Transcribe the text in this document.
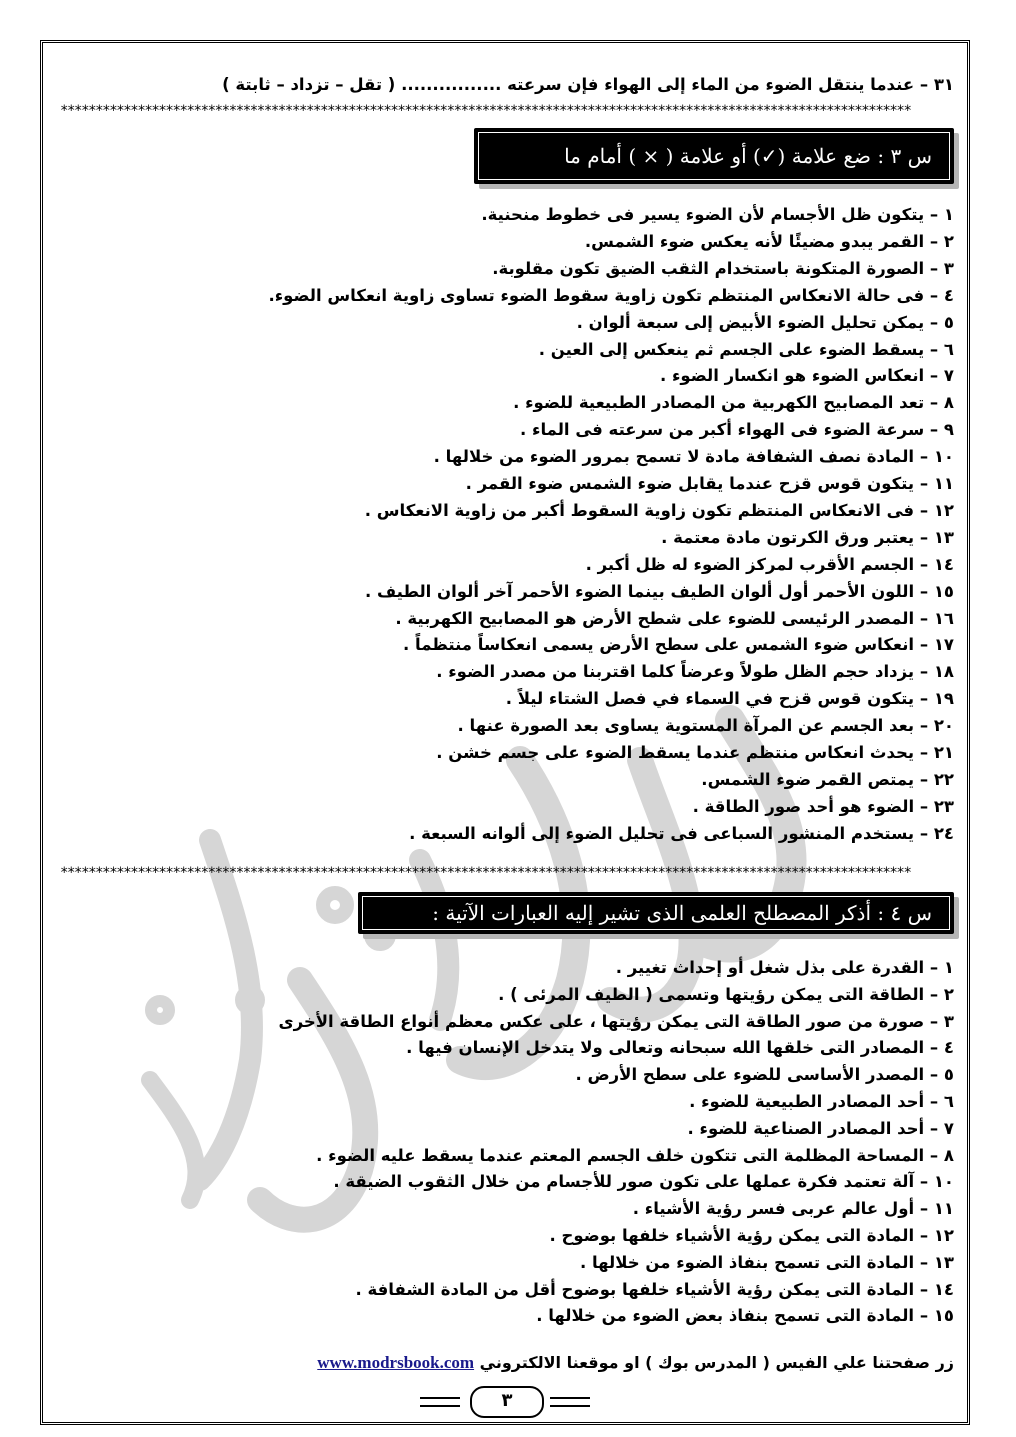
٣١ – عندما ينتقل الضوء من الماء إلى الهواء فإن سرعته ................ ( تقل – تزداد – ثابتة )
*************************************************************************************************************************
س ٣ : ضع علامة (✓) أو علامة ( × ) أمام ما
١ – يتكون ظل الأجسام لأن الضوء يسير فى خطوط منحنية.
٢ – القمر يبدو مضيئًا لأنه يعكس ضوء الشمس.
٣ – الصورة المتكونة باستخدام الثقب الضيق تكون مقلوبة.
٤ – فى حالة الانعكاس المنتظم تكون زاوية سقوط الضوء تساوى زاوية انعكاس الضوء.
٥ – يمكن تحليل الضوء الأبيض إلى سبعة ألوان .
٦ – يسقط الضوء على الجسم ثم ينعكس إلى العين .
٧ – انعكاس الضوء هو انكسار الضوء .
٨ – تعد المصابيح الكهربية من المصادر الطبيعية للضوء .
٩ – سرعة الضوء فى الهواء أكبر من سرعته فى الماء .
١٠ – المادة نصف الشفافة مادة لا تسمح بمرور الضوء من خلالها .
١١ – يتكون قوس قزح عندما يقابل ضوء الشمس ضوء القمر .
١٢ – فى الانعكاس المنتظم تكون زاوية السقوط أكبر من زاوية الانعكاس .
١٣ – يعتبر ورق الكرتون مادة معتمة .
١٤ – الجسم الأقرب لمركز الضوء له ظل أكبر .
١٥ – اللون الأحمر أول ألوان الطيف بينما الضوء الأحمر آخر ألوان الطيف .
١٦ – المصدر الرئيسى للضوء على شطح الأرض هو المصابيح الكهربية .
١٧ – انعكاس ضوء الشمس على سطح الأرض يسمى انعكاساً منتظماً .
١٨ – يزداد حجم الظل طولاً وعرضاً كلما اقتربنا من مصدر الضوء .
١٩ – يتكون قوس قزح في السماء في فصل الشتاء ليلاً .
٢٠ – بعد الجسم عن المرآة المستوية يساوى بعد الصورة عنها .
٢١ – يحدث انعكاس منتظم عندما يسقط الضوء على جسم خشن .
٢٢ – يمتص القمر ضوء الشمس.
٢٣ – الضوء هو أحد صور الطاقة .
٢٤ – يستخدم المنشور السباعى فى تحليل الضوء إلى ألوانه السبعة .
*************************************************************************************************************************
س ٤ : أذكر المصطلح العلمى الذى تشير إليه العبارات الآتية :
١ – القدرة على بذل شغل أو إحداث تغيير .
٢ – الطاقة التى يمكن رؤيتها وتسمى ( الطيف المرئى ) .
٣ – صورة من صور الطاقة التى يمكن رؤيتها ، على عكس معظم أنواع الطاقة الأخرى
٤ – المصادر التى خلقها الله سبحانه وتعالى ولا يتدخل الإنسان فيها .
٥ – المصدر الأساسى للضوء على سطح الأرض .
٦ – أحد المصادر الطبيعية للضوء .
٧ – أحد المصادر الصناعية للضوء .
٨ – المساحة المظلمة التى تتكون خلف الجسم المعتم عندما يسقط عليه الضوء .
١٠ – آلة تعتمد فكرة عملها على تكون صور للأجسام من خلال الثقوب الضيقة .
١١ – أول عالم عربى فسر رؤية الأشياء .
١٢ – المادة التى يمكن رؤية الأشياء خلفها بوضوح .
١٣ – المادة التى تسمح بنفاذ الضوء من خلالها .
١٤ – المادة التى يمكن رؤية الأشياء خلفها بوضوح أقل من المادة الشفافة .
١٥ – المادة التى تسمح بنفاذ بعض الضوء من خلالها .
زر صفحتنا علي الفيس ( المدرس بوك ) او موقعنا الالكتروني www.modrsbook.com
٣
